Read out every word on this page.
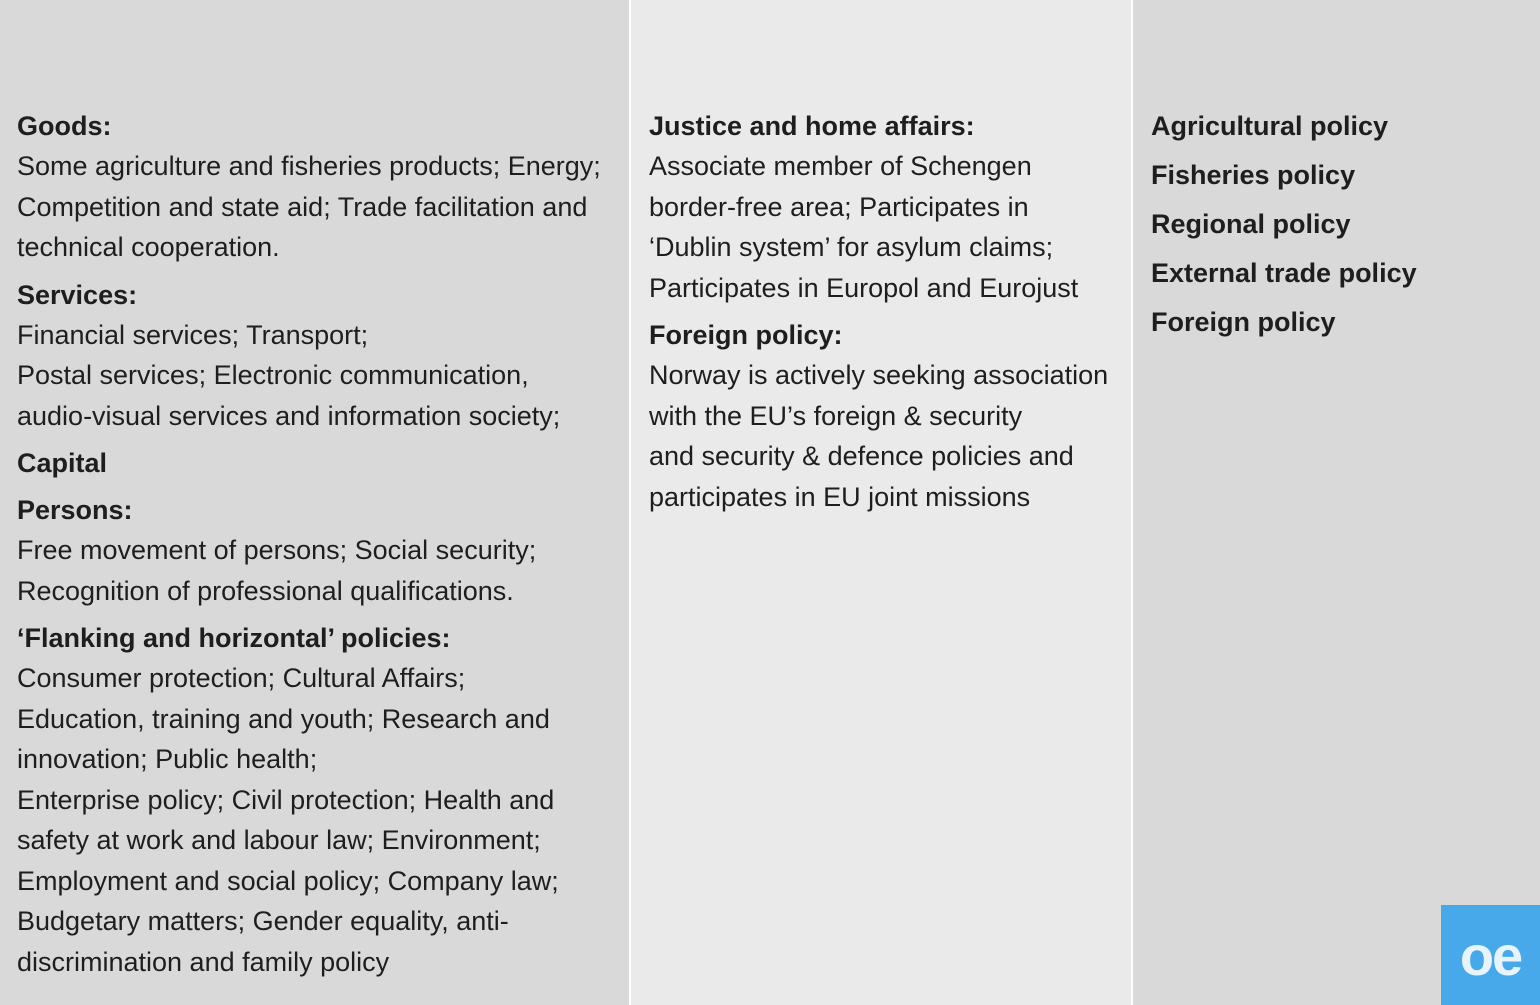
Goods:
Some agriculture and fisheries products; Energy;
Competition and state aid; Trade facilitation and
technical cooperation.
Services:
Financial services; Transport;
Postal services; Electronic communication,
audio-visual services and information society;
Capital
Persons:
Free movement of persons; Social security;
Recognition of professional qualifications.
‘Flanking and horizontal’ policies:
Consumer protection; Cultural Affairs;
Education, training and youth; Research and
innovation; Public health;
Enterprise policy; Civil protection; Health and
safety at work and labour law; Environment;
Employment and social policy; Company law;
Budgetary matters; Gender equality, anti-
discrimination and family policy
Justice and home affairs:
Associate member of Schengen
border-free area; Participates in
‘Dublin system’ for asylum claims;
Participates in Europol and Eurojust
Foreign policy:
Norway is actively seeking association
with the EU’s foreign & security
and security & defence policies and
participates in EU joint missions
Agricultural policy
Fisheries policy
Regional policy
External trade policy
Foreign policy
oe
